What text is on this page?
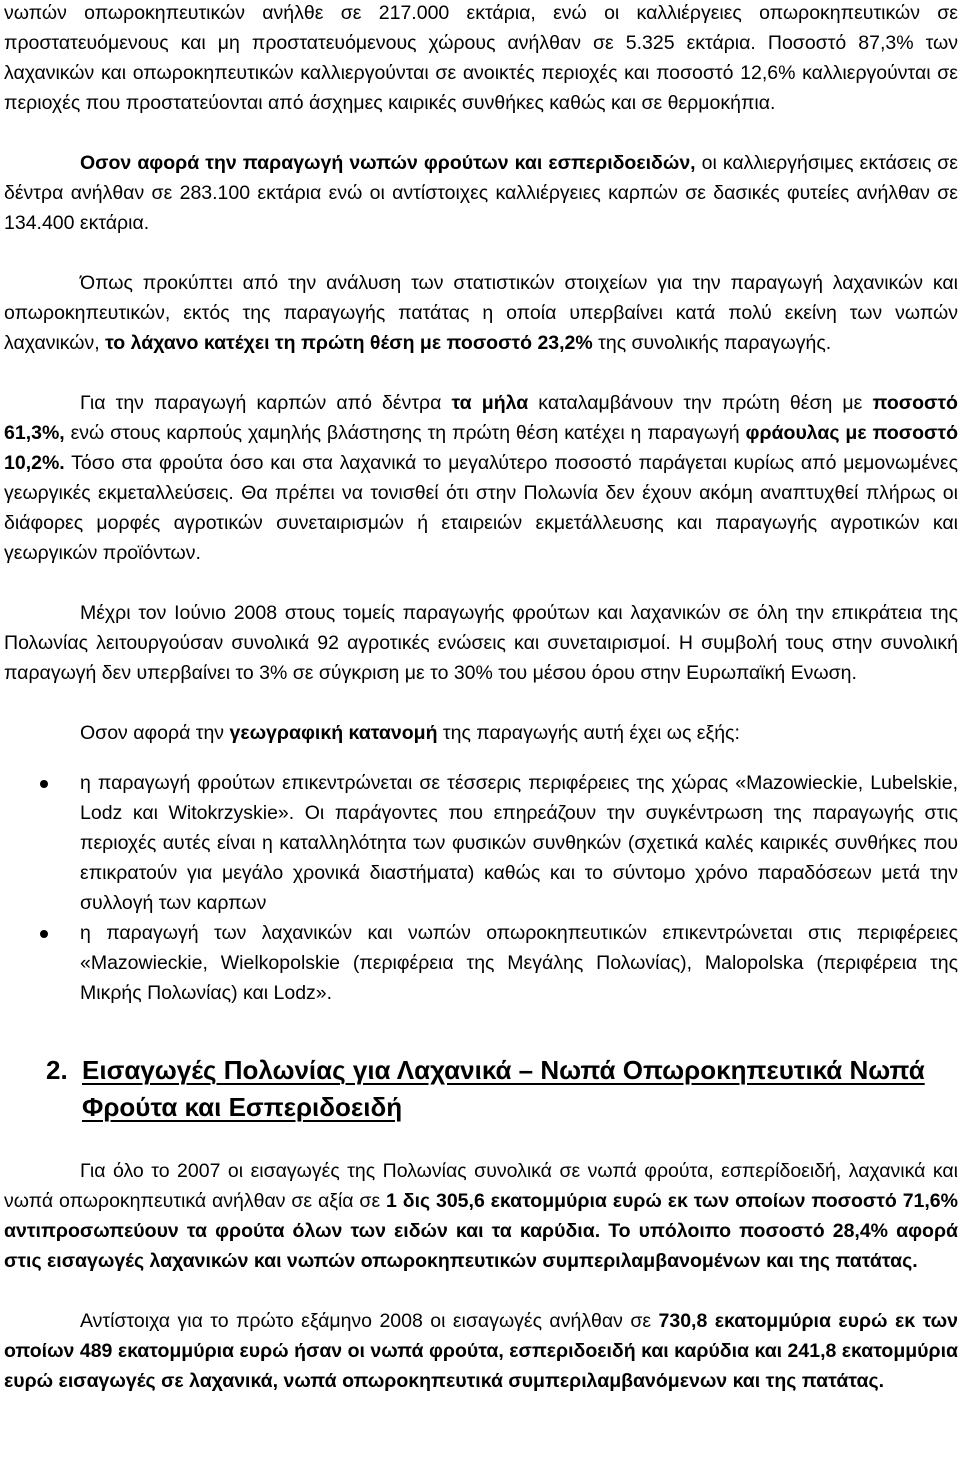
νωπών οπωροκηπευτικών ανήλθε σε 217.000 εκτάρια, ενώ οι καλλιέργειες οπωροκηπευτικών σε προστατευόμενους και μη προστατευόμενους χώρους ανήλθαν σε 5.325 εκτάρια. Ποσοστό 87,3% των λαχανικών και οπωροκηπευτικών καλλιεργούνται σε ανοικτές περιοχές και ποσοστό 12,6% καλλιεργούνται σε περιοχές που προστατεύονται από άσχημες καιρικές συνθήκες καθώς και σε θερμοκήπια.

Οσον αφορά την παραγωγή νωπών φρούτων και εσπεριδοειδών, οι καλλιεργήσιμες εκτάσεις σε δέντρα ανήλθαν σε 283.100 εκτάρια ενώ οι αντίστοιχες καλλιέργειες καρπών σε δασικές φυτείες ανήλθαν σε 134.400 εκτάρια.

Όπως προκύπτει από την ανάλυση των στατιστικών στοιχείων για την παραγωγή λαχανικών και οπωροκηπευτικών, εκτός της παραγωγής πατάτας η οποία υπερβαίνει κατά πολύ εκείνη των νωπών λαχανικών, το λάχανο κατέχει τη πρώτη θέση με ποσοστό 23,2% της συνολικής παραγωγής.

Για την παραγωγή καρπών από δέντρα τα μήλα καταλαμβάνουν την πρώτη θέση με ποσοστό 61,3%, ενώ στους καρπούς χαμηλής βλάστησης τη πρώτη θέση κατέχει η παραγωγή φράουλας με ποσοστό 10,2%. Τόσο στα φρούτα όσο και στα λαχανικά το μεγαλύτερο ποσοστό παράγεται κυρίως από μεμονωμένες γεωργικές εκμεταλλεύσεις. Θα πρέπει να τονισθεί ότι στην Πολωνία δεν έχουν ακόμη αναπτυχθεί πλήρως οι διάφορες μορφές αγροτικών συνεταιρισμών ή εταιρειών εκμετάλλευσης και παραγωγής αγροτικών και γεωργικών προϊόντων.

Μέχρι τον Ιούνιο 2008 στους τομείς παραγωγής φρούτων και λαχανικών σε όλη την επικράτεια της Πολωνίας λειτουργούσαν συνολικά 92 αγροτικές ενώσεις και συνεταιρισμοί. Η συμβολή τους στην συνολική παραγωγή δεν υπερβαίνει το 3% σε σύγκριση με το 30% του μέσου όρου στην Ευρωπαϊκή Ενωση.

Οσον αφορά την γεωγραφική κατανομή της παραγωγής αυτή έχει ως εξής:

η παραγωγή φρούτων επικεντρώνεται σε τέσσερις περιφέρειες της χώρας «Mazowieckie, Lubelskie, Lodz και Witokrzyskie». Οι παράγοντες που επηρεάζουν την συγκέντρωση της παραγωγής στις περιοχές αυτές είναι η καταλληλότητα των φυσικών συνθηκών (σχετικά καλές καιρικές συνθήκες που επικρατούν για μεγάλο χρονικά διαστήματα) καθώς και το σύντομο χρόνο παραδόσεων μετά την συλλογή των καρπων
η παραγωγή των λαχανικών και νωπών οπωροκηπευτικών επικεντρώνεται στις περιφέρειες «Mazowieckie, Wielkopolskie (περιφέρεια της Μεγάλης Πολωνίας), Malopolska (περιφέρεια της Μικρής Πολωνίας) και Lodz».
2. Εισαγωγές Πολωνίας για Λαχανικά – Νωπά Οπωροκηπευτικά Νωπά Φρούτα και Εσπεριδοειδή

Για όλο το 2007 οι εισαγωγές της Πολωνίας συνολικά σε νωπά φρούτα, εσπερίδοειδή, λαχανικά και νωπά οπωροκηπευτικά ανήλθαν σε αξία σε 1 δις 305,6 εκατομμύρια ευρώ εκ των οποίων ποσοστό 71,6% αντιπροσωπεύουν τα φρούτα όλων των ειδών και τα καρύδια. Το υπόλοιπο ποσοστό 28,4% αφορά στις εισαγωγές λαχανικών και νωπών οπωροκηπευτικών συμπεριλαμβανομένων και της πατάτας.

Αντίστοιχα για το πρώτο εξάμηνο 2008 οι εισαγωγές ανήλθαν σε 730,8 εκατομμύρια ευρώ εκ των οποίων 489 εκατομμύρια ευρώ ήσαν οι νωπά φρούτα, εσπεριδοειδή και καρύδια και 241,8 εκατομμύρια ευρώ εισαγωγές σε λαχανικά, νωπά οπωροκηπευτικά συμπεριλαμβανόμενων και της πατάτας.
